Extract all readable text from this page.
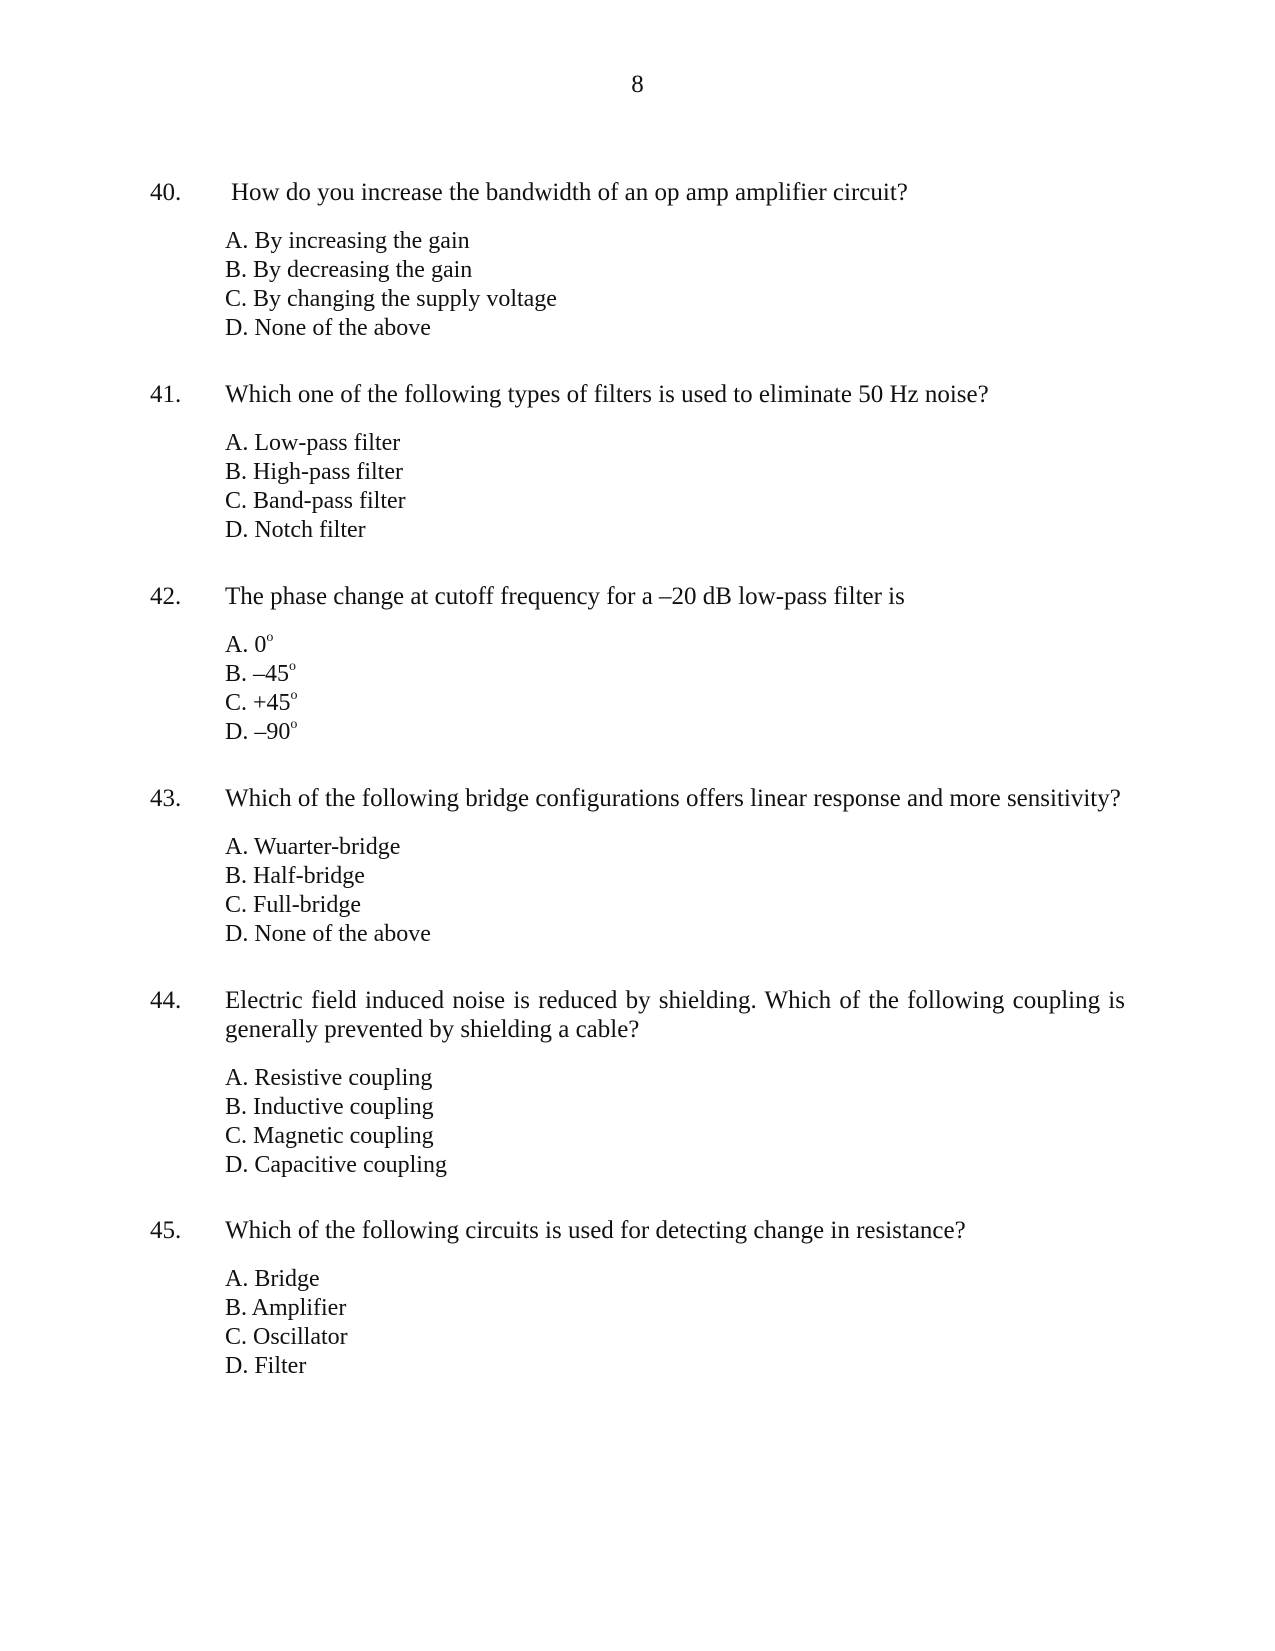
8
40. How do you increase the bandwidth of an op amp amplifier circuit?
A. By increasing the gain
B. By decreasing the gain
C. By changing the supply voltage
D. None of the above
41. Which one of the following types of filters is used to eliminate 50 Hz noise?
A. Low-pass filter
B. High-pass filter
C. Band-pass filter
D. Notch filter
42. The phase change at cutoff frequency for a –20 dB low-pass filter is
A. 0$^o$
B. –45$^o$
C. $+45^o$
D. –90$^o$
43. Which of the following bridge configurations offers linear response and more sensitivity?
A. Wuarter-bridge
B. Half-bridge
C. Full-bridge
D. None of the above
44. Electric field induced noise is reduced by shielding. Which of the following coupling is generally prevented by shielding a cable?
A. Resistive coupling
B. Inductive coupling
C. Magnetic coupling
D. Capacitive coupling
45. Which of the following circuits is used for detecting change in resistance?
A. Bridge
B. Amplifier
C. Oscillator
D. Filter
